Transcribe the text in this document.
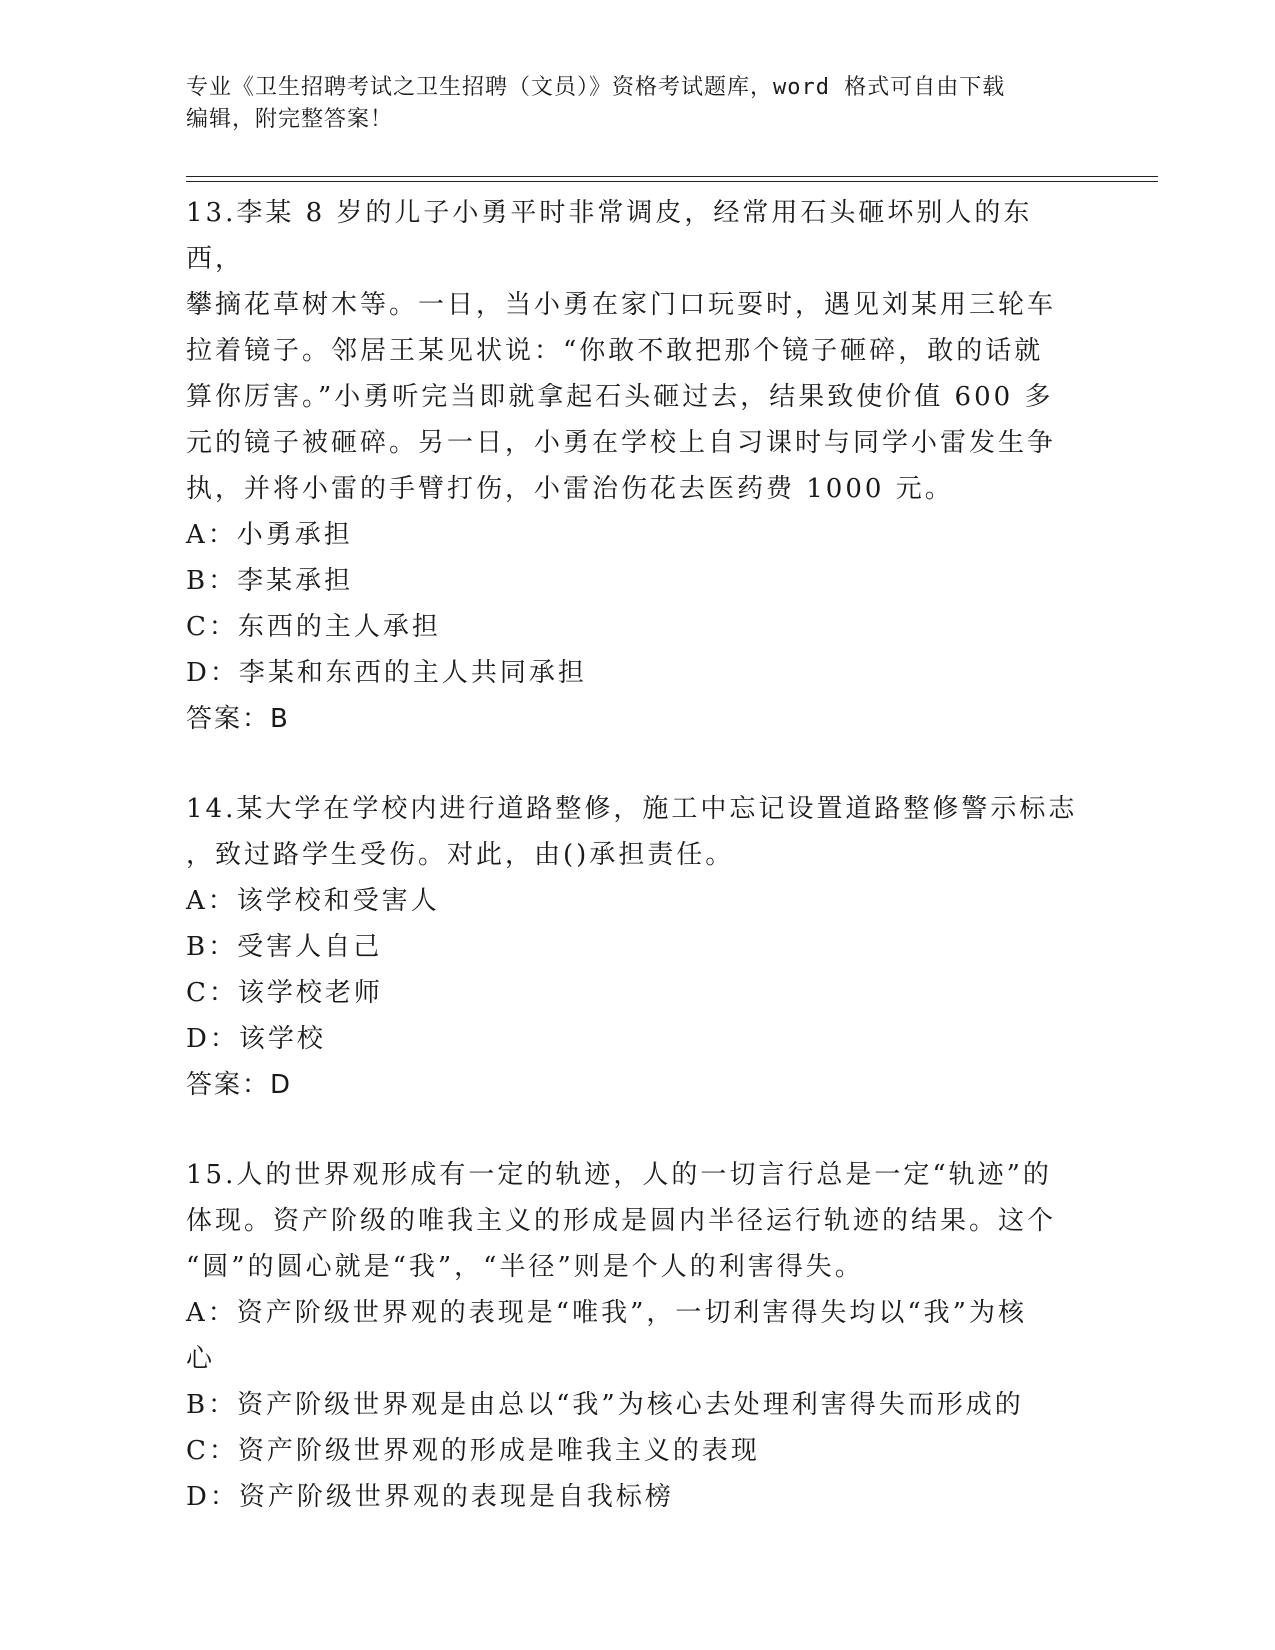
专业《卫生招聘考试之卫生招聘（文员）》资格考试题库，word 格式可自由下载
编辑，附完整答案！

13.李某 8 岁的儿子小勇平时非常调皮，经常用石头砸坏别人的东西，

攀摘花草树木等。一日，当小勇在家门口玩耍时，遇见刘某用三轮车

拉着镜子。邻居王某见状说：“你敢不敢把那个镜子砸碎，敢的话就

算你厉害。”小勇听完当即就拿起石头砸过去，结果致使价值 600 多

元的镜子被砸碎。另一日，小勇在学校上自习课时与同学小雷发生争

执，并将小雷的手臂打伤，小雷治伤花去医药费 1000 元。

A：小勇承担

B：李某承担

C：东西的主人承担

D：李某和东西的主人共同承担

答案：B

14.某大学在学校内进行道路整修，施工中忘记设置道路整修警示标志

，致过路学生受伤。对此，由()承担责任。

A：该学校和受害人

B：受害人自己

C：该学校老师

D：该学校

答案：D

15.人的世界观形成有一定的轨迹，人的一切言行总是一定“轨迹”的

体现。资产阶级的唯我主义的形成是圆内半径运行轨迹的结果。这个

“圆”的圆心就是“我”，“半径”则是个人的利害得失。

A：资产阶级世界观的表现是“唯我”，一切利害得失均以“我”为核

心

B：资产阶级世界观是由总以“我”为核心去处理利害得失而形成的

C：资产阶级世界观的形成是唯我主义的表现

D：资产阶级世界观的表现是自我标榜
